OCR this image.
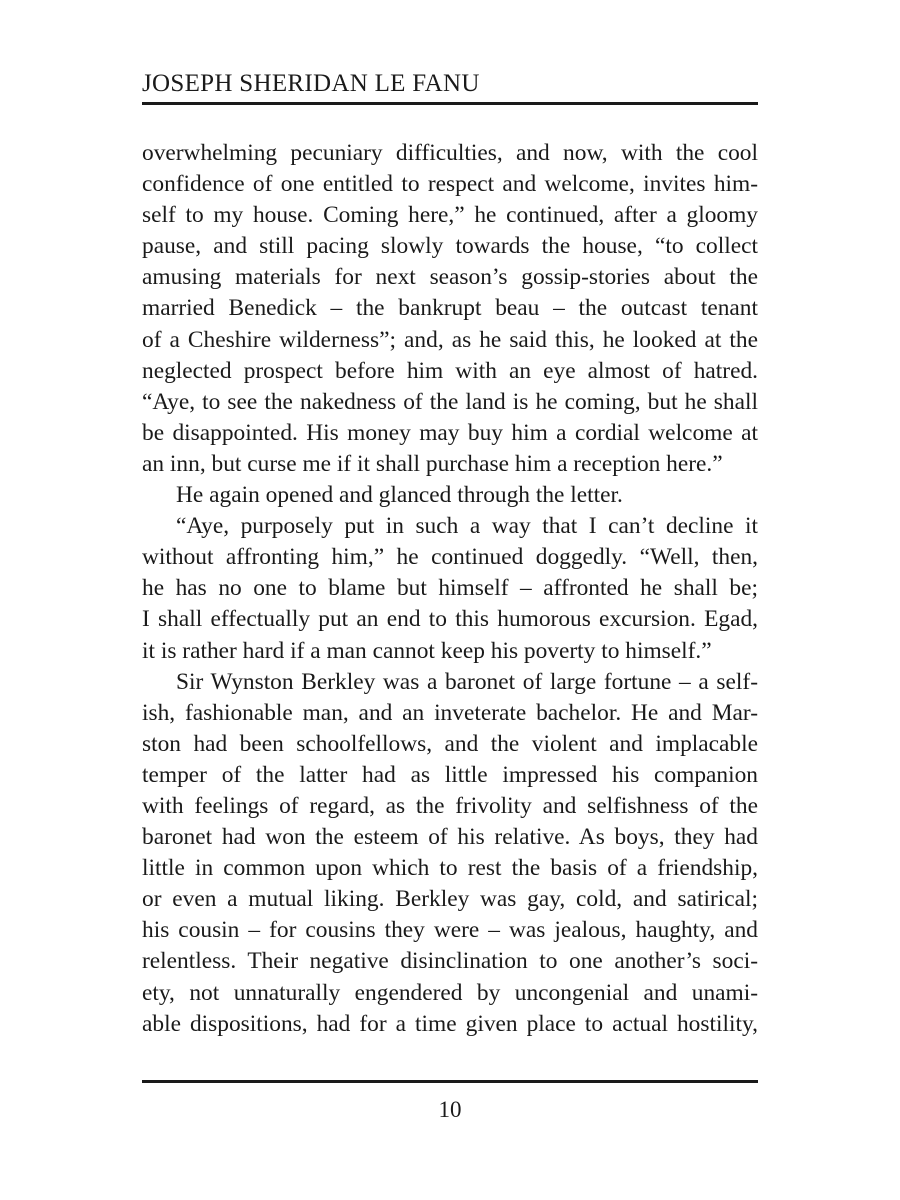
JOSEPH SHERIDAN LE FANU

overwhelming pecuniary difficulties, and now, with the cool
confidence of one entitled to respect and welcome, invites him-
self to my house. Coming here,” he continued, after a gloomy
pause, and still pacing slowly towards the house, “to collect
amusing materials for next season’s gossip-stories about the
married Benedick – the bankrupt beau – the outcast tenant
of a Cheshire wilderness”; and, as he said this, he looked at the
neglected prospect before him with an eye almost of hatred.
“Aye, to see the nakedness of the land is he coming, but he shall
be disappointed. His money may buy him a cordial welcome at
an inn, but curse me if it shall purchase him a reception here.”

He again opened and glanced through the letter.

“Aye, purposely put in such a way that I can’t decline it
without affronting him,” he continued doggedly. “Well, then,
he has no one to blame but himself – affronted he shall be;
I shall effectually put an end to this humorous excursion. Egad,
it is rather hard if a man cannot keep his poverty to himself.”

Sir Wynston Berkley was a baronet of large fortune – a self-
ish, fashionable man, and an inveterate bachelor. He and Mar-
ston had been schoolfellows, and the violent and implacable
temper of the latter had as little impressed his companion
with feelings of regard, as the frivolity and selfishness of the
baronet had won the esteem of his relative. As boys, they had
little in common upon which to rest the basis of a friendship,
or even a mutual liking. Berkley was gay, cold, and satirical;
his cousin – for cousins they were – was jealous, haughty, and
relentless. Their negative disinclination to one another’s soci-
ety, not unnaturally engendered by uncongenial and unami-
able dispositions, had for a time given place to actual hostility,

10
